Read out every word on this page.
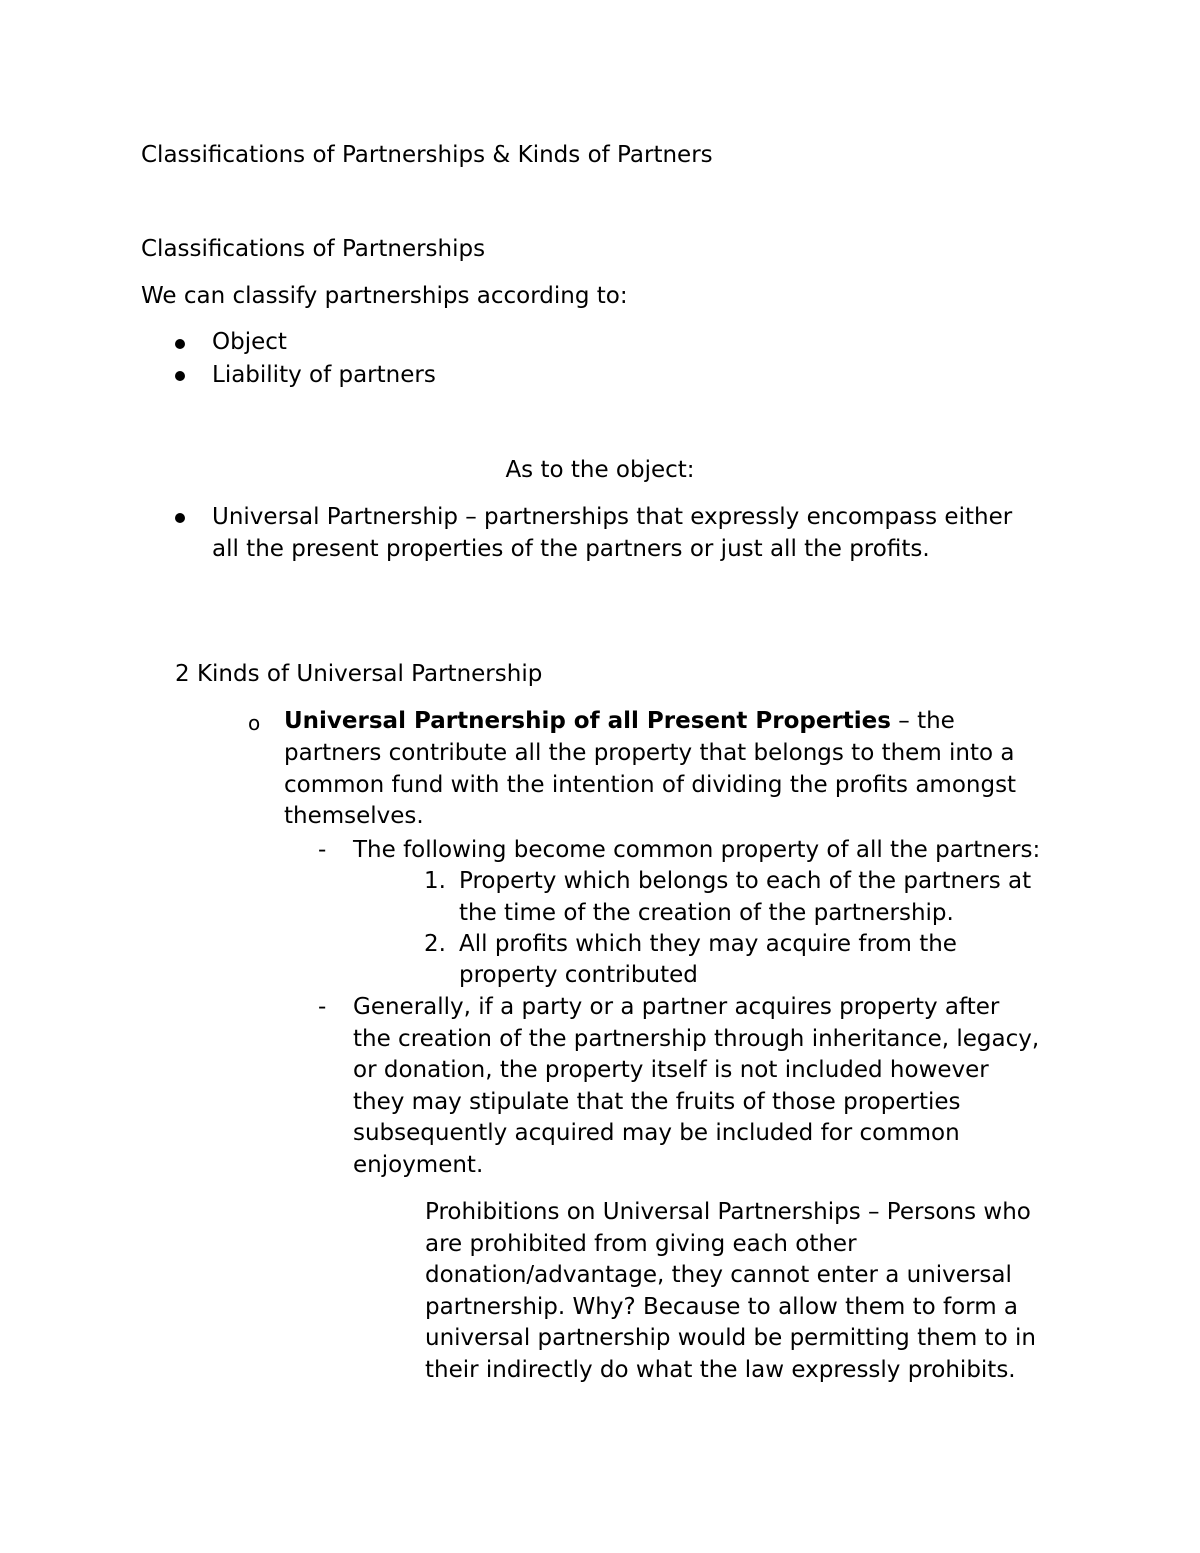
Classifications of Partnerships & Kinds of Partners
Classifications of Partnerships
We can classify partnerships according to:
Object
Liability of partners
As to the object:
Universal Partnership – partnerships that expressly encompass either
all the present properties of the partners or just all the profits.
2 Kinds of Universal Partnership
o Universal Partnership of all Present Properties – the
partners contribute all the property that belongs to them into a
common fund with the intention of dividing the profits amongst
themselves.
- The following become common property of all the partners:
1. Property which belongs to each of the partners at
the time of the creation of the partnership.
2. All profits which they may acquire from the
property contributed
- Generally, if a party or a partner acquires property after
the creation of the partnership through inheritance, legacy,
or donation, the property itself is not included however
they may stipulate that the fruits of those properties
subsequently acquired may be included for common
enjoyment.
Prohibitions on Universal Partnerships – Persons who
are prohibited from giving each other
donation/advantage, they cannot enter a universal
partnership. Why? Because to allow them to form a
universal partnership would be permitting them to in
their indirectly do what the law expressly prohibits.
